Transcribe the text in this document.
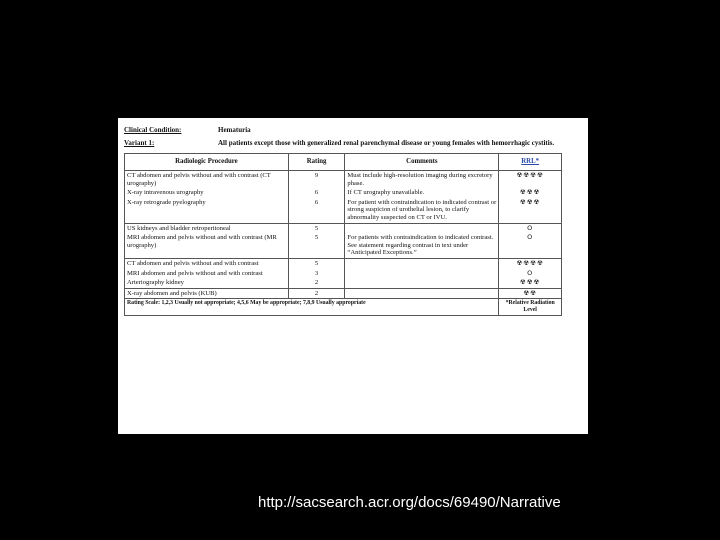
Clinical Condition:	Hematuria
Variant 1:	All patients except those with generalized renal parenchymal disease or young females with hemorrhagic cystitis.
Radiologic Procedure	Rating	Comments	RRL*
CT abdomen and pelvis without and with contrast (CT urography)	9	Must include high-resolution imaging during excretory phase.	☢☢☢☢
X-ray intravenous urography	6	If CT urography unavailable.	☢☢☢
X-ray retrograde pyelography	6	For patient with contraindication to indicated contrast or strong suspicion of urothelial lesion, to clarify abnormality suspected on CT or IVU.	☢☢☢
US kidneys and bladder retroperitoneal	5		O
MRI abdomen and pelvis without and with contrast (MR urography)	5	For patients with contraindication to indicated contrast. See statement regarding contrast in text under “Anticipated Exceptions.”	O
CT abdomen and pelvis without and with contrast	5		☢☢☢☢
MRI abdomen and pelvis without and with contrast	3		O
Arteriography kidney	2		☢☢☢
X-ray abdomen and pelvis (KUB)	2		☢☢
Rating Scale: 1,2,3 Usually not appropriate; 4,5,6 May be appropriate; 7,8,9 Usually appropriate			*Relative Radiation Level
http://sacsearch.acr.org/docs/69490/Narrative
